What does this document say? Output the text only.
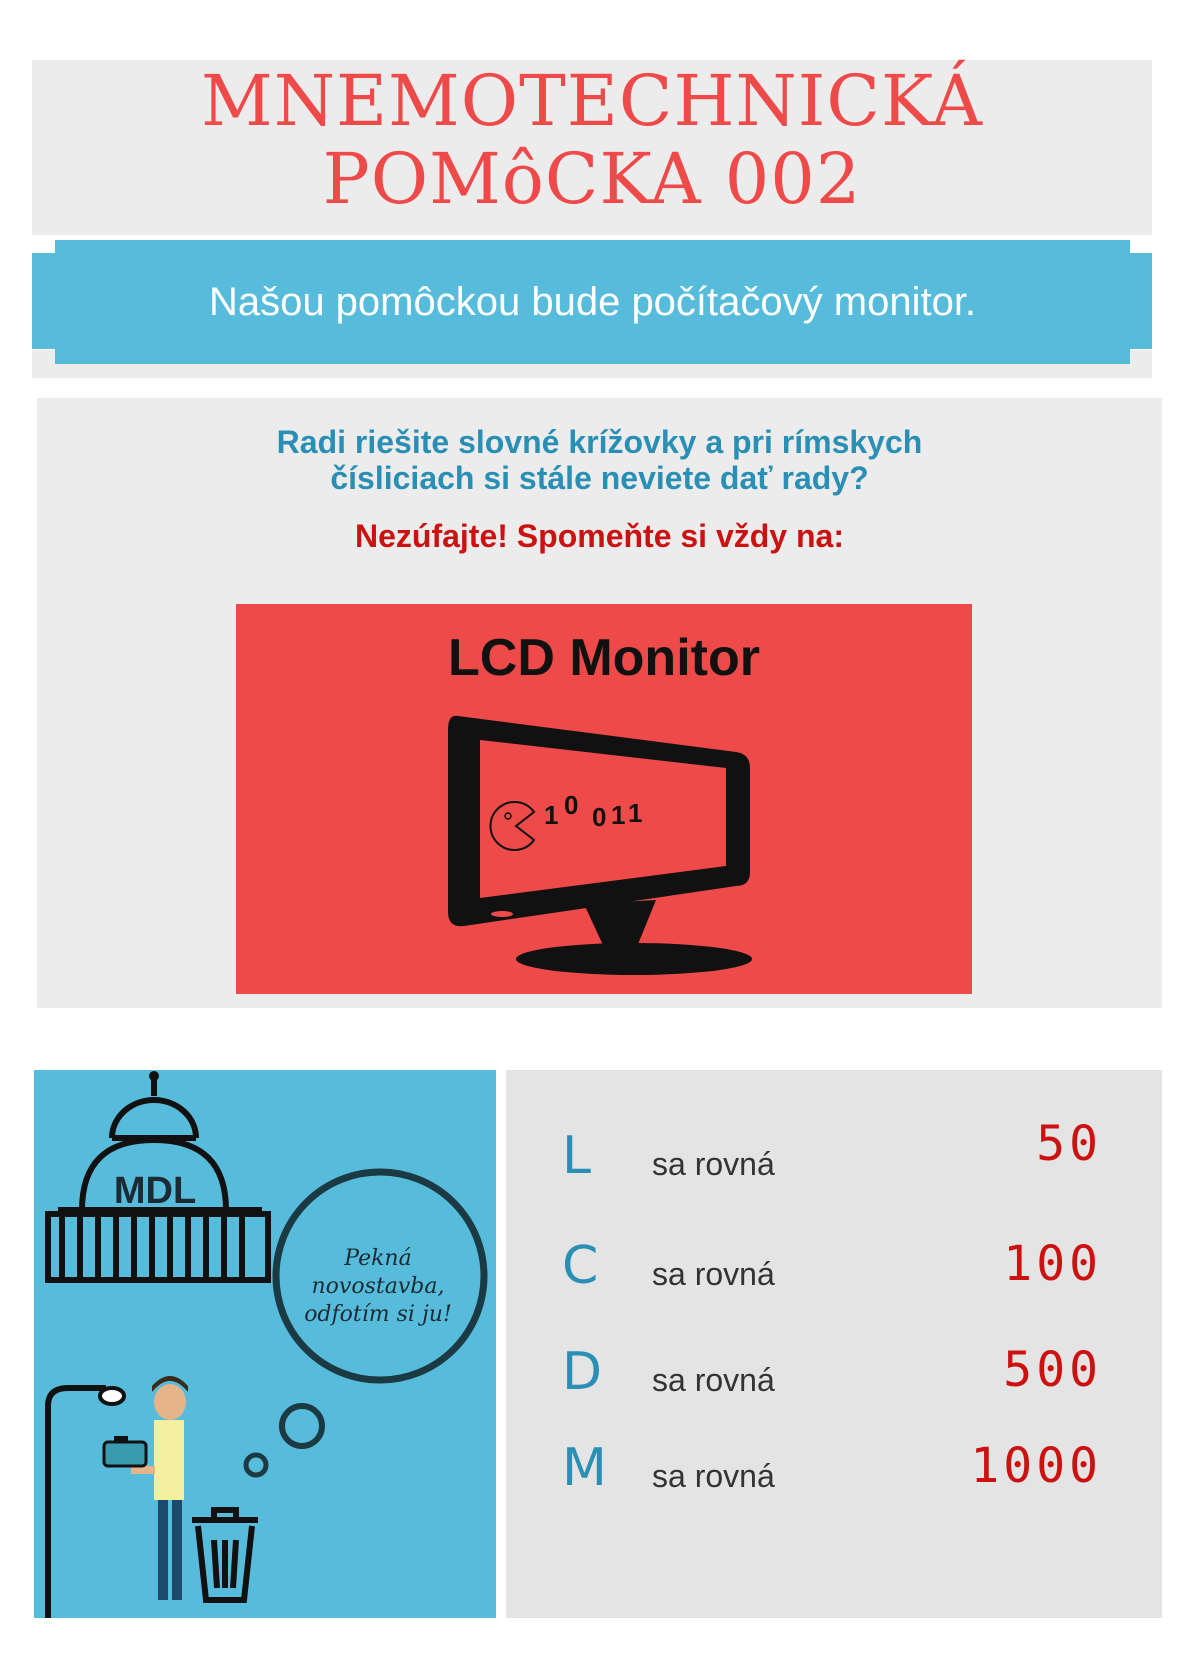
MNEMOTECHNICKÁ
POMôCKA 002
Našou pomôckou bude počítačový monitor.
Radi riešite slovné krížovky a pri rímskych
čísliciach si stále neviete dať rady?
Nezúfajte! Spomeňte si vždy na:
LCD Monitor
1 0 0 1 1
MDL
Pekná
novostavba,
odfotím si ju!
L sa rovná	50
C sa rovná	100
D sa rovná	500
M sa rovná	1000
